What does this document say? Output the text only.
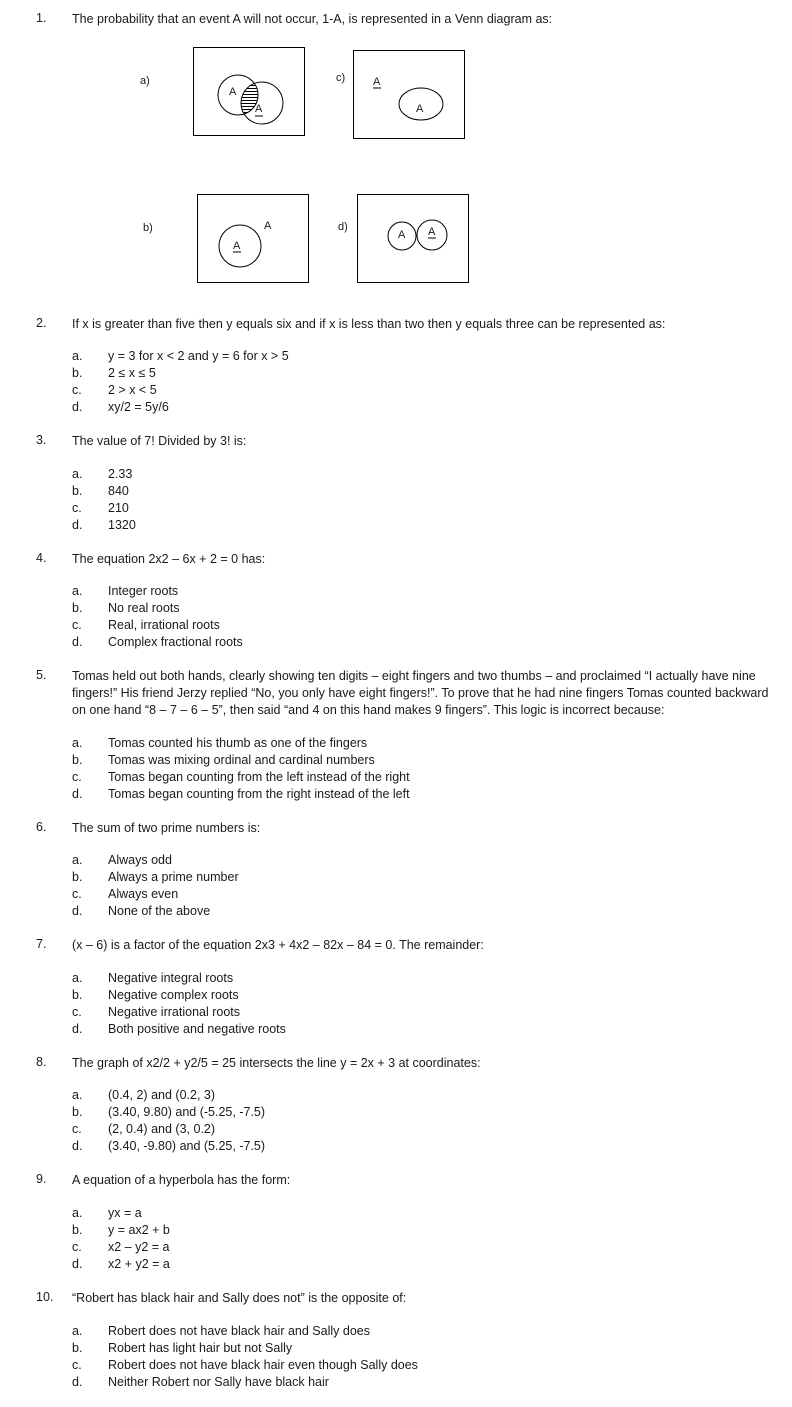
1. The probability that an event A will not occur, 1-A, is represented in a Venn diagram as:
a)
A
A
c)	A
A
b)	A
A
d)
A A
2. If x is greater than five then y equals six and if x is less than two then y equals three can be represented as:
a. y = 3 for x < 2 and y = 6 for x > 5
b. 2 ≤ x ≤ 5
c. 2 > x < 5
d. xy/2 = 5y/6
3. The value of 7! Divided by 3! is:
a. 2.33
b. 840
c. 210
d. 1320
4. The equation 2x2 – 6x + 2 = 0 has:
a. Integer roots
b. No real roots
c. Real, irrational roots
d. Complex fractional roots
5. Tomas held out both hands, clearly showing ten digits – eight fingers and two thumbs – and proclaimed “I actually have nine fingers!” His friend Jerzy replied “No, you only have eight fingers!”. To prove that he had nine fingers Tomas counted backward on one hand “8 – 7 – 6 – 5”, then said “and 4 on this hand makes 9 fingers”. This logic is incorrect because:
a. Tomas counted his thumb as one of the fingers
b. Tomas was mixing ordinal and cardinal numbers
c. Tomas began counting from the left instead of the right
d. Tomas began counting from the right instead of the left
6. The sum of two prime numbers is:
a. Always odd
b. Always a prime number
c. Always even
d. None of the above
7. (x – 6) is a factor of the equation 2x3 + 4x2 – 82x – 84 = 0. The remainder:
a. Negative integral roots
b. Negative complex roots
c. Negative irrational roots
d. Both positive and negative roots
8. The graph of x2/2 + y2/5 = 25 intersects the line y = 2x + 3 at coordinates:
a. (0.4, 2) and (0.2, 3)
b. (3.40, 9.80) and (-5.25, -7.5)
c. (2, 0.4) and (3, 0.2)
d. (3.40, -9.80) and (5.25, -7.5)
9. A equation of a hyperbola has the form:
a. yx = a
b. y = ax2 + b
c. x2 – y2 = a
d. x2 + y2 = a
10. “Robert has black hair and Sally does not” is the opposite of:
a. Robert does not have black hair and Sally does
b. Robert has light hair but not Sally
c. Robert does not have black hair even though Sally does
d. Neither Robert nor Sally have black hair
